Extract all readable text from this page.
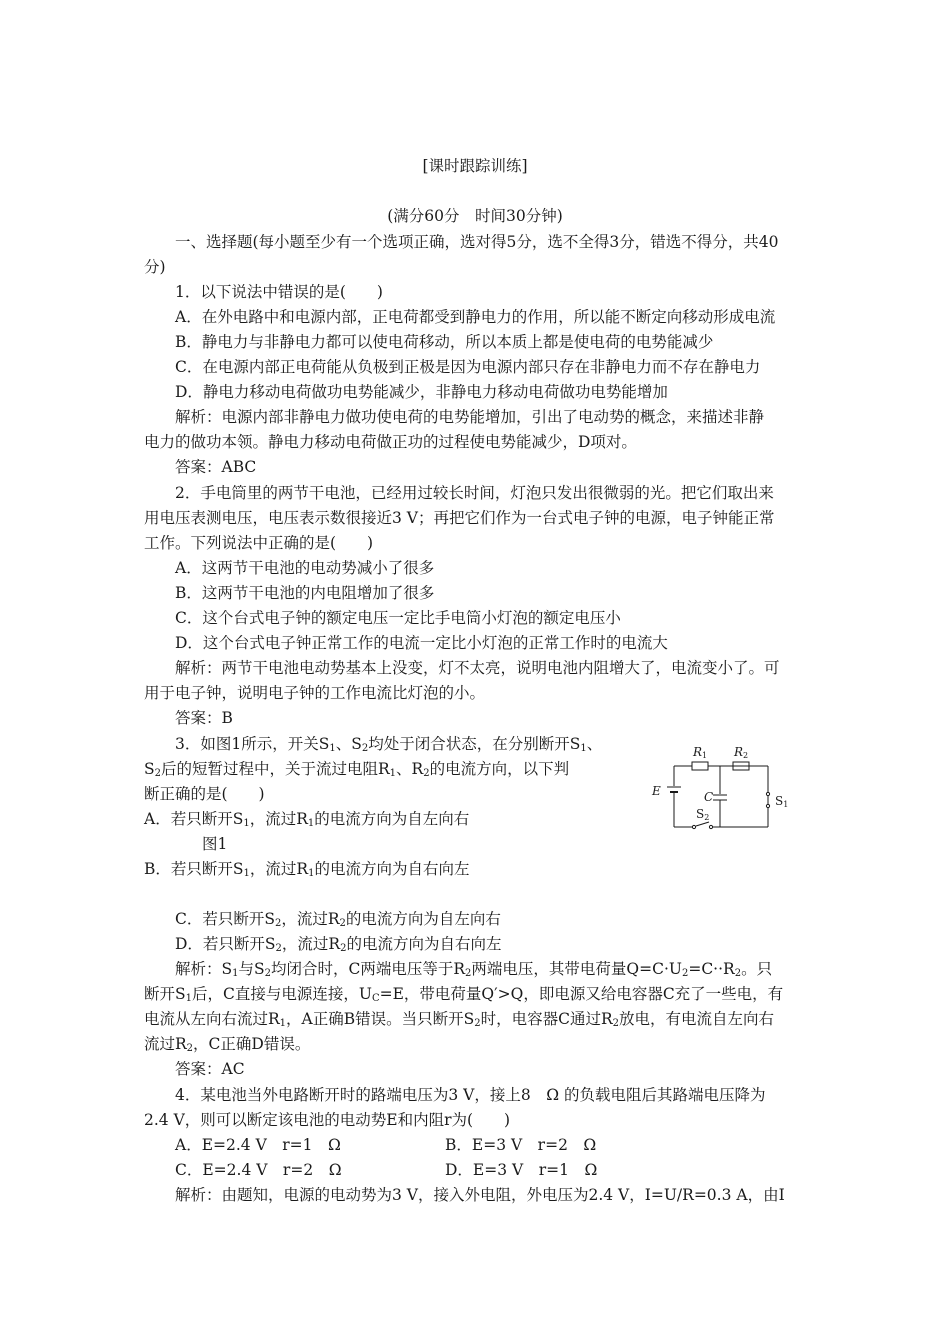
[课时跟踪训练]
(满分60分　时间30分钟)
一、选择题(每小题至少有一个选项正确，选对得5分，选不全得3分，错选不得分，共40
分)
1．以下说法中错误的是(　　)
A．在外电路中和电源内部，正电荷都受到静电力的作用，所以能不断定向移动形成电流
B．静电力与非静电力都可以使电荷移动，所以本质上都是使电荷的电势能减少
C．在电源内部正电荷能从负极到正极是因为电源内部只存在非静电力而不存在静电力
D．静电力移动电荷做功电势能减少，非静电力移动电荷做功电势能增加
解析：电源内部非静电力做功使电荷的电势能增加，引出了电动势的概念，来描述非静
电力的做功本领。静电力移动电荷做正功的过程使电势能减少，D项对。
答案：ABC
2．手电筒里的两节干电池，已经用过较长时间，灯泡只发出很微弱的光。把它们取出来
用电压表测电压，电压表示数很接近3 V；再把它们作为一台式电子钟的电源，电子钟能正常
工作。下列说法中正确的是(　　)
A．这两节干电池的电动势减小了很多
B．这两节干电池的内电阻增加了很多
C．这个台式电子钟的额定电压一定比手电筒小灯泡的额定电压小
D．这个台式电子钟正常工作的电流一定比小灯泡的正常工作时的电流大
解析：两节干电池电动势基本上没变，灯不太亮，说明电池内阻增大了，电流变小了。可
用于电子钟，说明电子钟的工作电流比灯泡的小。
答案：B
3．如图1所示，开关$S_1$、$S_2$均处于闭合状态，在分别断开$S_1$、
$S_2$后的短暂过程中，关于流过电阻$R_1$、$R_2$的电流方向，以下判
断正确的是(　　)
A．若只断开$S_1$，流过$R_1$的电流方向为自左向右
图1
B．若只断开$S_1$，流过$R_1$的电流方向为自右向左
C．若只断开$S_2$，流过$R_2$的电流方向为自左向右
D．若只断开$S_2$，流过$R_2$的电流方向为自右向左
解析：$S_1$与$S_2$均闭合时，C两端电压等于$R_2$两端电压，其带电荷量$Q=C\cdot U_2=C\cdot\cdot R_2$。只
断开$S_1$后，C直接与电源连接，$U_C=E$，带电荷量Q′>Q，即电源又给电容器C充了一些电，有
电流从左向右流过$R_1$，A正确B错误。当只断开$S_2$时，电容器C通过$R_2$放电，有电流自左向右
流过$R_2$，C正确D错误。
答案：AC
R1 R2
E	C	S1
S2
4．某电池当外电路断开时的路端电压为3 V，接上8　Ω 的负载电阻后其路端电压降为
2.4 V，则可以断定该电池的电动势E和内阻r为(　　)
A．E=2.4 V　r=1　Ω	B．E=3 V　r=2　Ω
C．E=2.4 V　r=2　Ω	D．E=3 V　r=1　Ω
解析：由题知，电源的电动势为3 V，接入外电阻，外电压为2.4 V，I=U/R=0.3 A，由I
